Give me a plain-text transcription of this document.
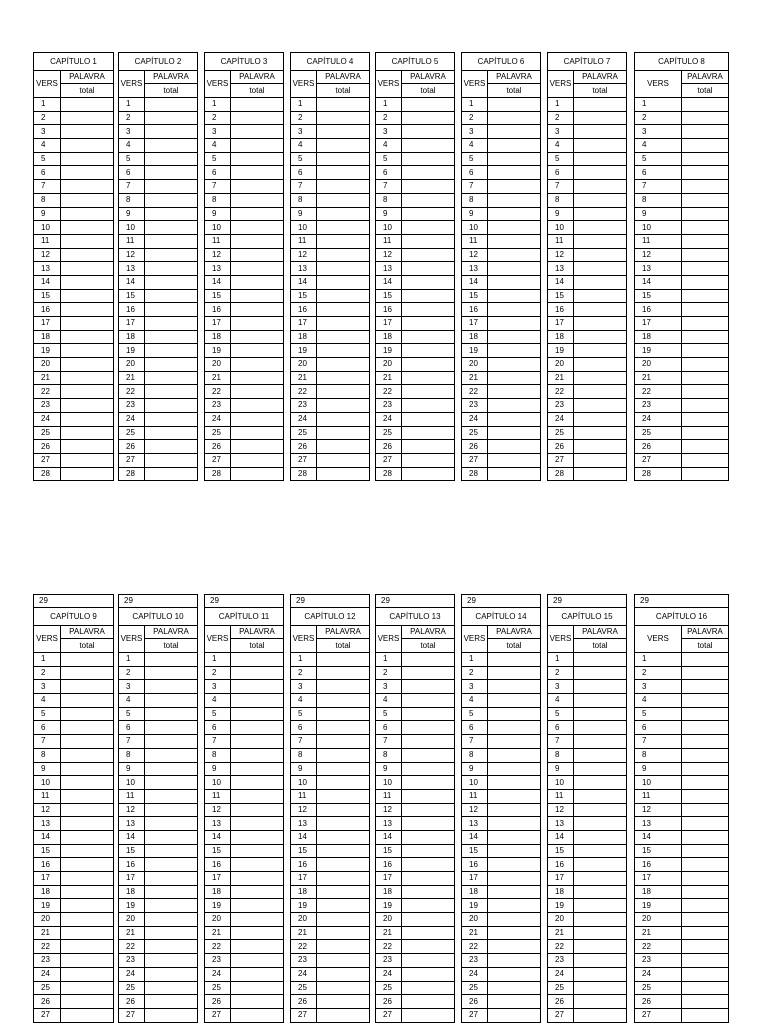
CAPÍTULO 1
VERS
PALAVRA
total
1
2
3
4
5
6
7
8
9
10
11
12
13
14
15
16
17
18
19
20
21
22
23
24
25
26
27
28
CAPÍTULO 2
VERS
PALAVRA
total
1
2
3
4
5
6
7
8
9
10
11
12
13
14
15
16
17
18
19
20
21
22
23
24
25
26
27
28
CAPÍTULO 3
VERS
PALAVRA
total
1
2
3
4
5
6
7
8
9
10
11
12
13
14
15
16
17
18
19
20
21
22
23
24
25
26
27
28
CAPÍTULO 4
VERS
PALAVRA
total
1
2
3
4
5
6
7
8
9
10
11
12
13
14
15
16
17
18
19
20
21
22
23
24
25
26
27
28
CAPÍTULO 5
VERS
PALAVRA
total
1
2
3
4
5
6
7
8
9
10
11
12
13
14
15
16
17
18
19
20
21
22
23
24
25
26
27
28
CAPÍTULO 6
VERS
PALAVRA
total
1
2
3
4
5
6
7
8
9
10
11
12
13
14
15
16
17
18
19
20
21
22
23
24
25
26
27
28
CAPÍTULO 7
VERS
PALAVRA
total
1
2
3
4
5
6
7
8
9
10
11
12
13
14
15
16
17
18
19
20
21
22
23
24
25
26
27
28
CAPÍTULO 8
VERS
PALAVRA
total
1
2
3
4
5
6
7
8
9
10
11
12
13
14
15
16
17
18
19
20
21
22
23
24
25
26
27
28
29
CAPÍTULO 9
VERS
PALAVRA
total
1
2
3
4
5
6
7
8
9
10
11
12
13
14
15
16
17
18
19
20
21
22
23
24
25
26
27
29
CAPÍTULO 10
VERS
PALAVRA
total
1
2
3
4
5
6
7
8
9
10
11
12
13
14
15
16
17
18
19
20
21
22
23
24
25
26
27
29
CAPÍTULO 11
VERS
PALAVRA
total
1
2
3
4
5
6
7
8
9
10
11
12
13
14
15
16
17
18
19
20
21
22
23
24
25
26
27
29
CAPÍTULO 12
VERS
PALAVRA
total
1
2
3
4
5
6
7
8
9
10
11
12
13
14
15
16
17
18
19
20
21
22
23
24
25
26
27
29
CAPÍTULO 13
VERS
PALAVRA
total
1
2
3
4
5
6
7
8
9
10
11
12
13
14
15
16
17
18
19
20
21
22
23
24
25
26
27
29
CAPÍTULO 14
VERS
PALAVRA
total
1
2
3
4
5
6
7
8
9
10
11
12
13
14
15
16
17
18
19
20
21
22
23
24
25
26
27
29
CAPÍTULO 15
VERS
PALAVRA
total
1
2
3
4
5
6
7
8
9
10
11
12
13
14
15
16
17
18
19
20
21
22
23
24
25
26
27
29
CAPÍTULO 16
VERS
PALAVRA
total
1
2
3
4
5
6
7
8
9
10
11
12
13
14
15
16
17
18
19
20
21
22
23
24
25
26
27
